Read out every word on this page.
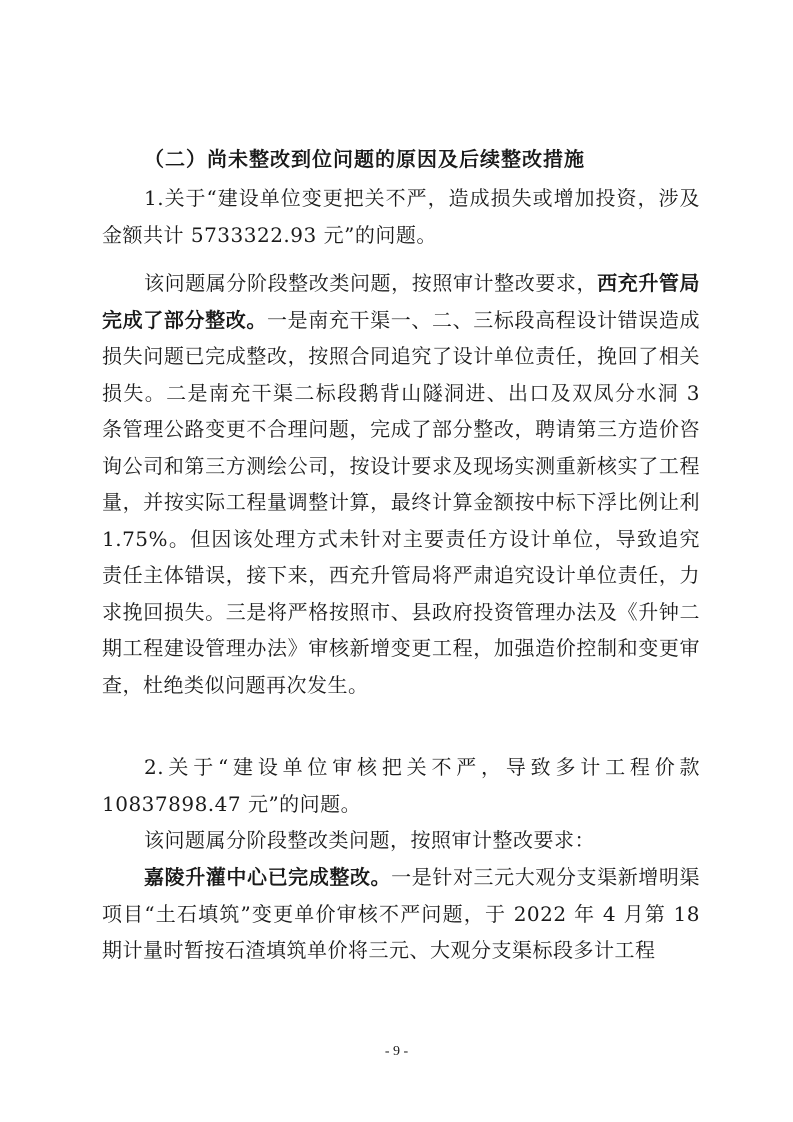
（二）尚未整改到位问题的原因及后续整改措施
1.关于“建设单位变更把关不严，造成损失或增加投资，涉及金额共计 5733322.93 元”的问题。
该问题属分阶段整改类问题，按照审计整改要求，西充升管局完成了部分整改。一是南充干渠一、二、三标段高程设计错误造成损失问题已完成整改，按照合同追究了设计单位责任，挽回了相关损失。二是南充干渠二标段鹅背山隧洞进、出口及双凤分水洞 3 条管理公路变更不合理问题，完成了部分整改，聘请第三方造价咨询公司和第三方测绘公司，按设计要求及现场实测重新核实了工程量，并按实际工程量调整计算，最终计算金额按中标下浮比例让利 1.75%。但因该处理方式未针对主要责任方设计单位，导致追究责任主体错误，接下来，西充升管局将严肃追究设计单位责任，力求挽回损失。三是将严格按照市、县政府投资管理办法及《升钟二期工程建设管理办法》审核新增变更工程，加强造价控制和变更审查，杜绝类似问题再次发生。
2.关于“建设单位审核把关不严，导致多计工程价款 10837898.47 元”的问题。
该问题属分阶段整改类问题，按照审计整改要求：
嘉陵升灌中心已完成整改。一是针对三元大观分支渠新增明渠项目“土石填筑”变更单价审核不严问题，于 2022 年 4 月第 18 期计量时暂按石渣填筑单价将三元、大观分支渠标段多计工程
- 9 -
